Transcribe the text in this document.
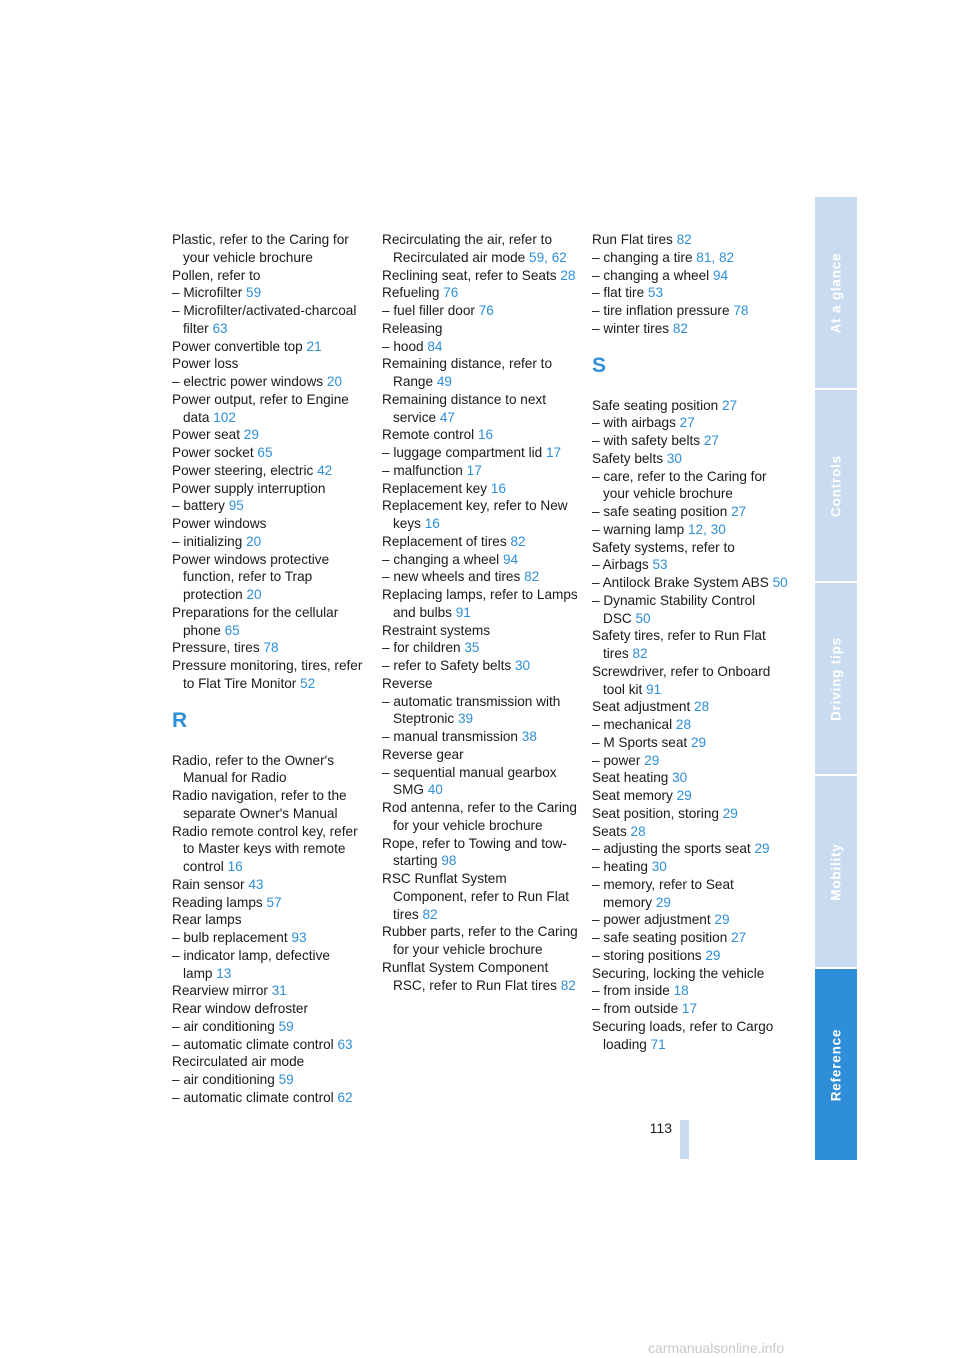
Plastic, refer to the Caring for your vehicle brochure
Pollen, refer to
– Microfilter 59
– Microfilter/activated-charcoal filter 63
Power convertible top 21
Power loss
– electric power windows 20
Power output, refer to Engine data 102
Power seat 29
Power socket 65
Power steering, electric 42
Power supply interruption
– battery 95
Power windows
– initializing 20
Power windows protective function, refer to Trap protection 20
Preparations for the cellular phone 65
Pressure, tires 78
Pressure monitoring, tires, refer to Flat Tire Monitor 52
R
Radio, refer to the Owner's Manual for Radio
Radio navigation, refer to the separate Owner's Manual
Radio remote control key, refer to Master keys with remote control 16
Rain sensor 43
Reading lamps 57
Rear lamps
– bulb replacement 93
– indicator lamp, defective lamp 13
Rearview mirror 31
Rear window defroster
– air conditioning 59
– automatic climate control 63
Recirculated air mode
– air conditioning 59
– automatic climate control 62
Recirculating the air, refer to Recirculated air mode 59, 62
Reclining seat, refer to Seats 28
Refueling 76
– fuel filler door 76
Releasing
– hood 84
Remaining distance, refer to Range 49
Remaining distance to next service 47
Remote control 16
– luggage compartment lid 17
– malfunction 17
Replacement key 16
Replacement key, refer to New keys 16
Replacement of tires 82
– changing a wheel 94
– new wheels and tires 82
Replacing lamps, refer to Lamps and bulbs 91
Restraint systems
– for children 35
– refer to Safety belts 30
Reverse
– automatic transmission with Steptronic 39
– manual transmission 38
Reverse gear
– sequential manual gearbox SMG 40
Rod antenna, refer to the Caring for your vehicle brochure
Rope, refer to Towing and tow-starting 98
RSC Runflat System Component, refer to Run Flat tires 82
Rubber parts, refer to the Caring for your vehicle brochure
Runflat System Component RSC, refer to Run Flat tires 82
Run Flat tires 82
– changing a tire 81, 82
– changing a wheel 94
– flat tire 53
– tire inflation pressure 78
– winter tires 82
S
Safe seating position 27
– with airbags 27
– with safety belts 27
Safety belts 30
– care, refer to the Caring for your vehicle brochure
– safe seating position 27
– warning lamp 12, 30
Safety systems, refer to
– Airbags 53
– Antilock Brake System ABS 50
– Dynamic Stability Control DSC 50
Safety tires, refer to Run Flat tires 82
Screwdriver, refer to Onboard tool kit 91
Seat adjustment 28
– mechanical 28
– M Sports seat 29
– power 29
Seat heating 30
Seat memory 29
Seat position, storing 29
Seats 28
– adjusting the sports seat 29
– heating 30
– memory, refer to Seat memory 29
– power adjustment 29
– safe seating position 27
– storing positions 29
Securing, locking the vehicle
– from inside 18
– from outside 17
Securing loads, refer to Cargo loading 71
113
At a glance
Controls
Driving tips
Mobility
Reference
carmanualsonline.info
